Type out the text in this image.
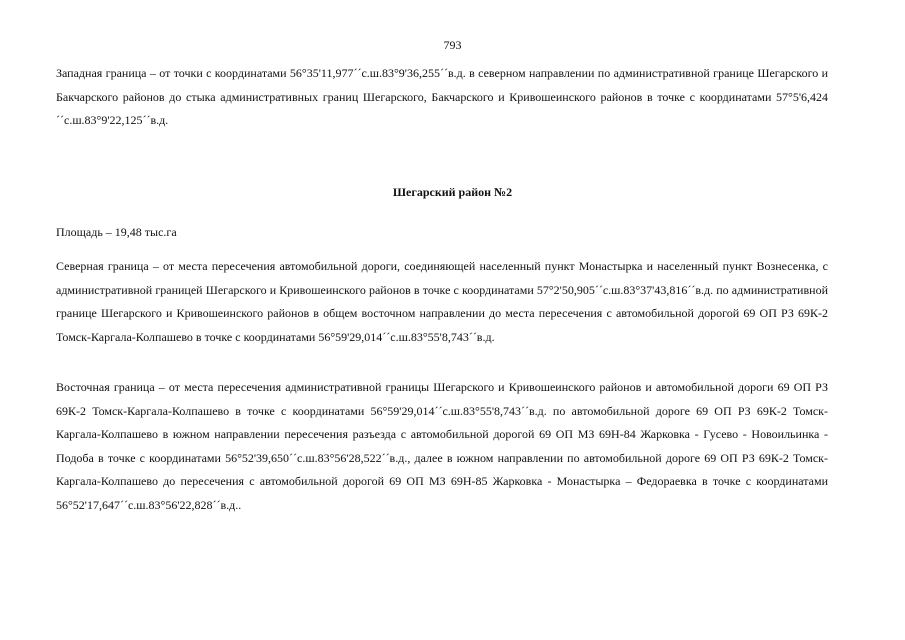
793

Западная граница – от точки с координатами 56°35'11,977´´с.ш.83°9'36,255´´в.д. в северном направлении по административной границе Шегарского и Бакчарского районов до стыка административных границ Шегарского, Бакчарского и Кривошеинского районов в точке с координатами 57°5'6,424´´с.ш.83°9'22,125´´в.д.

Шегарский район №2

Площадь – 19,48 тыс.га

Северная граница – от места пересечения автомобильной дороги, соединяющей населенный пункт Монастырка и населенный пункт Вознесенка, с административной границей Шегарского и Кривошеинского районов в точке с координатами 57°2'50,905´´с.ш.83°37'43,816´´в.д. по административной границе Шегарского и Кривошеинского районов в общем восточном направлении до места пересечения с автомобильной дорогой 69 ОП РЗ 69К-2 Томск-Каргала-Колпашево в точке с координатами 56°59'29,014´´с.ш.83°55'8,743´´в.д.

Восточная граница – от места пересечения административной границы Шегарского и Кривошеинского районов и автомобильной дороги 69 ОП РЗ 69К-2 Томск-Каргала-Колпашево в точке с координатами 56°59'29,014´´с.ш.83°55'8,743´´в.д. по автомобильной дороге 69 ОП РЗ 69К-2 Томск-Каргала-Колпашево в южном направлении пересечения разъезда с автомобильной дорогой 69 ОП МЗ 69Н-84 Жарковка - Гусево - Новоильинка - Подоба в точке с координатами 56°52'39,650´´с.ш.83°56'28,522´´в.д., далее в южном направлении по автомобильной дороге 69 ОП РЗ 69К-2 Томск-Каргала-Колпашево до пересечения с автомобильной дорогой 69 ОП МЗ 69Н-85 Жарковка - Монастырка – Федораевка в точке с координатами 56°52'17,647´´с.ш.83°56'22,828´´в.д..
